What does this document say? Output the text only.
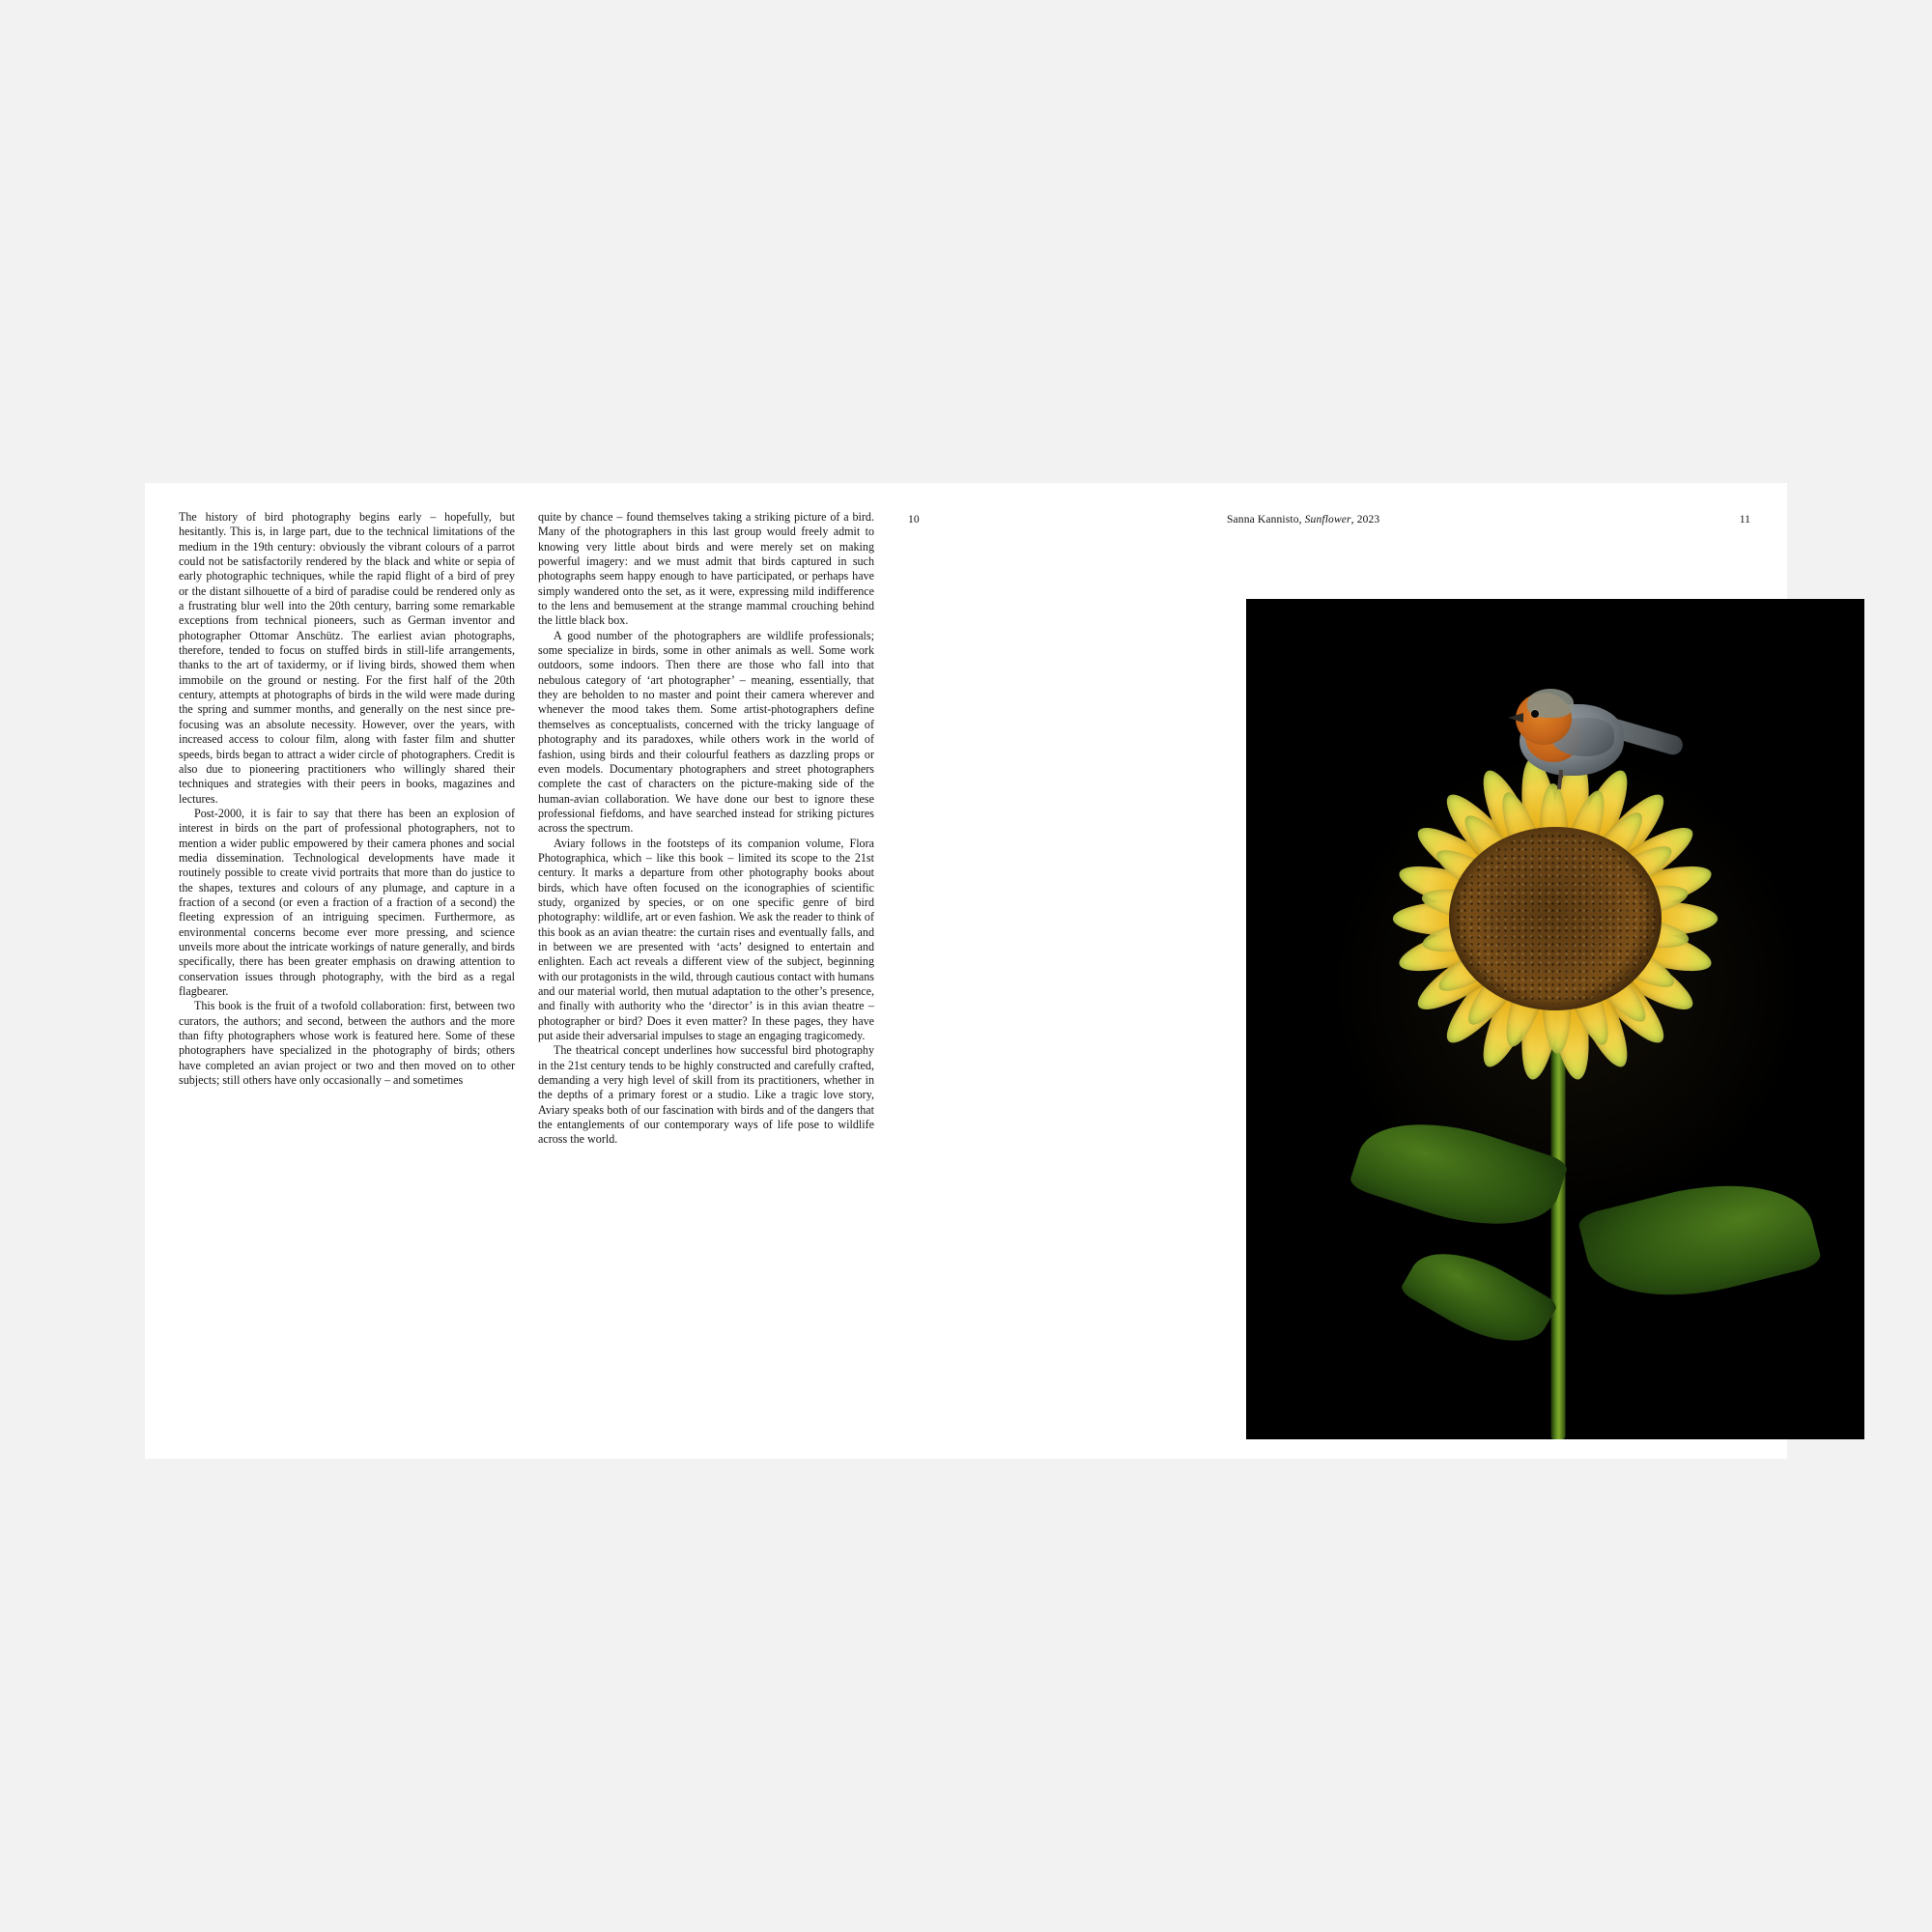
10	Sanna Kannisto, Sunflower, 2023	11

The history of bird photography begins early – hopefully, but hesitantly. This is, in large part, due to the technical limitations of the medium in the 19th century: obviously the vibrant colours of a parrot could not be satisfactorily rendered by the black and white or sepia of early photographic techniques, while the rapid flight of a bird of prey or the distant silhouette of a bird of paradise could be rendered only as a frustrating blur well into the 20th century, barring some remarkable exceptions from technical pioneers, such as German inventor and photographer Ottomar Anschütz. The earliest avian photographs, therefore, tended to focus on stuffed birds in still-life arrangements, thanks to the art of taxidermy, or if living birds, showed them when immobile on the ground or nesting. For the first half of the 20th century, attempts at photographs of birds in the wild were made during the spring and summer months, and generally on the nest since pre-focusing was an absolute necessity. However, over the years, with increased access to colour film, along with faster film and shutter speeds, birds began to attract a wider circle of photographers. Credit is also due to pioneering practitioners who willingly shared their techniques and strategies with their peers in books, magazines and lectures.

Post-2000, it is fair to say that there has been an explosion of interest in birds on the part of professional photographers, not to mention a wider public empowered by their camera phones and social media dissemination. Technological developments have made it routinely possible to create vivid portraits that more than do justice to the shapes, textures and colours of any plumage, and capture in a fraction of a second (or even a fraction of a fraction of a second) the fleeting expression of an intriguing specimen. Furthermore, as environmental concerns become ever more pressing, and science unveils more about the intricate workings of nature generally, and birds specifically, there has been greater emphasis on drawing attention to conservation issues through photography, with the bird as a regal flagbearer.

This book is the fruit of a twofold collaboration: first, between two curators, the authors; and second, between the authors and the more than fifty photographers whose work is featured here. Some of these photographers have specialized in the photography of birds; others have completed an avian project or two and then moved on to other subjects; still others have only occasionally – and sometimes

quite by chance – found themselves taking a striking picture of a bird. Many of the photographers in this last group would freely admit to knowing very little about birds and were merely set on making powerful imagery: and we must admit that birds captured in such photographs seem happy enough to have participated, or perhaps have simply wandered onto the set, as it were, expressing mild indifference to the lens and bemusement at the strange mammal crouching behind the little black box.

A good number of the photographers are wildlife professionals; some specialize in birds, some in other animals as well. Some work outdoors, some indoors. Then there are those who fall into that nebulous category of ‘art photographer’ – meaning, essentially, that they are beholden to no master and point their camera wherever and whenever the mood takes them. Some artist-photographers define themselves as conceptualists, concerned with the tricky language of photography and its paradoxes, while others work in the world of fashion, using birds and their colourful feathers as dazzling props or even models. Documentary photographers and street photographers complete the cast of characters on the picture-making side of the human-avian collaboration. We have done our best to ignore these professional fiefdoms, and have searched instead for striking pictures across the spectrum.

Aviary follows in the footsteps of its companion volume, Flora Photographica, which – like this book – limited its scope to the 21st century. It marks a departure from other photography books about birds, which have often focused on the iconographies of scientific study, organized by species, or on one specific genre of bird photography: wildlife, art or even fashion. We ask the reader to think of this book as an avian theatre: the curtain rises and eventually falls, and in between we are presented with ‘acts’ designed to entertain and enlighten. Each act reveals a different view of the subject, beginning with our protagonists in the wild, through cautious contact with humans and our material world, then mutual adaptation to the other’s presence, and finally with authority who the ‘director’ is in this avian theatre – photographer or bird? Does it even matter? In these pages, they have put aside their adversarial impulses to stage an engaging tragicomedy.

The theatrical concept underlines how successful bird photography in the 21st century tends to be highly constructed and carefully crafted, demanding a very high level of skill from its practitioners, whether in the depths of a primary forest or a studio. Like a tragic love story, Aviary speaks both of our fascination with birds and of the dangers that the entanglements of our contemporary ways of life pose to wildlife across the world.
